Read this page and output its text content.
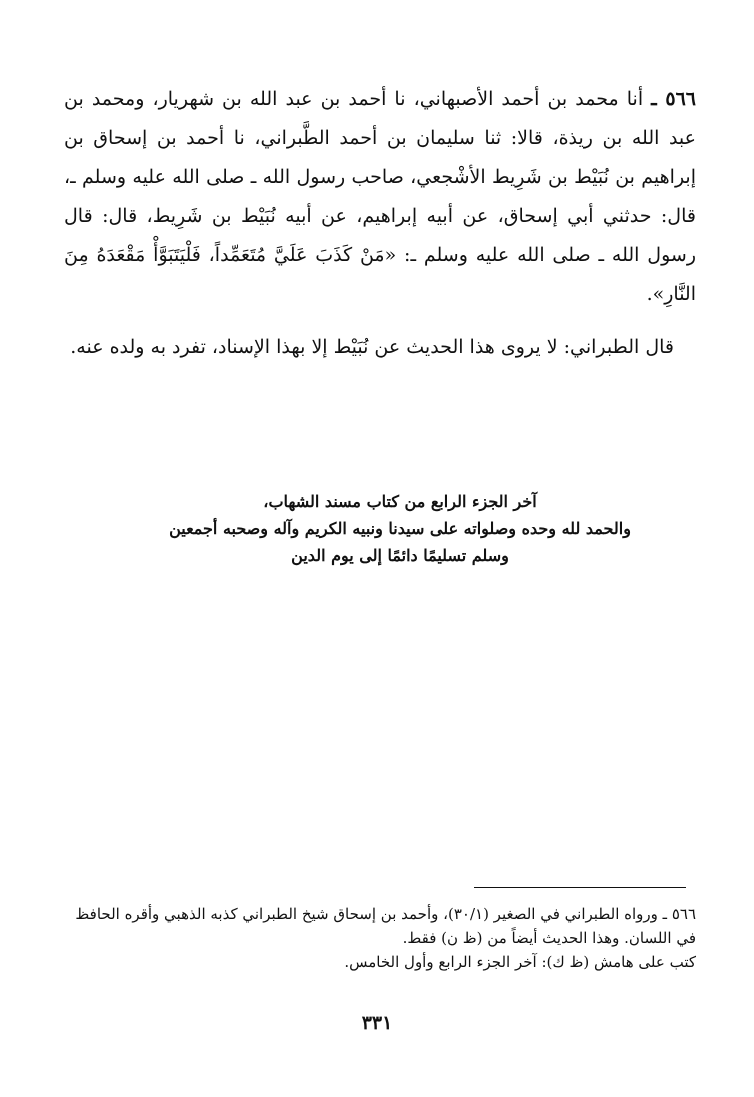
٥٦٦ ـ أنا محمد بن أحمد الأصبهاني، نا أحمد بن عبد الله بن شهريار، ومحمد بن عبد الله بن ريذة، قالا: ثنا سليمان بن أحمد الطَّبراني، نا أحمد بن إسحاق بن إبراهيم بن نُبَيْط بن شَرِيط الأشْجعي، صاحب رسول الله ـ صلى الله عليه وسلم ـ، قال: حدثني أبي إسحاق، عن أبيه إبراهيم، عن أبيه نُبَيْط بن شَرِيط، قال: قال رسول الله ـ صلى الله عليه وسلم ـ: «مَنْ كَذَبَ عَلَيَّ مُتَعَمِّداً، فَلْيَتَبَوَّأْ مَقْعَدَهُ مِنَ النَّارِ».

قال الطبراني: لا يروى هذا الحديث عن نُبَيْط إلا بهذا الإسناد، تفرد به ولده عنه.

آخر الجزء الرابع من كتاب مسند الشهاب،
والحمد لله وحده وصلواته على سيدنا ونبيه الكريم وآله وصحبه أجمعين
وسلم تسليمًا دائمًا إلى يوم الدين

٥٦٦ ـ ورواه الطبراني في الصغير (٣٠/١)، وأحمد بن إسحاق شيخ الطبراني كذبه الذهبي وأقره الحافظ في اللسان. وهذا الحديث أيضاً من (ظ ن) فقط.

كتب على هامش (ظ ك): آخر الجزء الرابع وأول الخامس.

٣٣١
